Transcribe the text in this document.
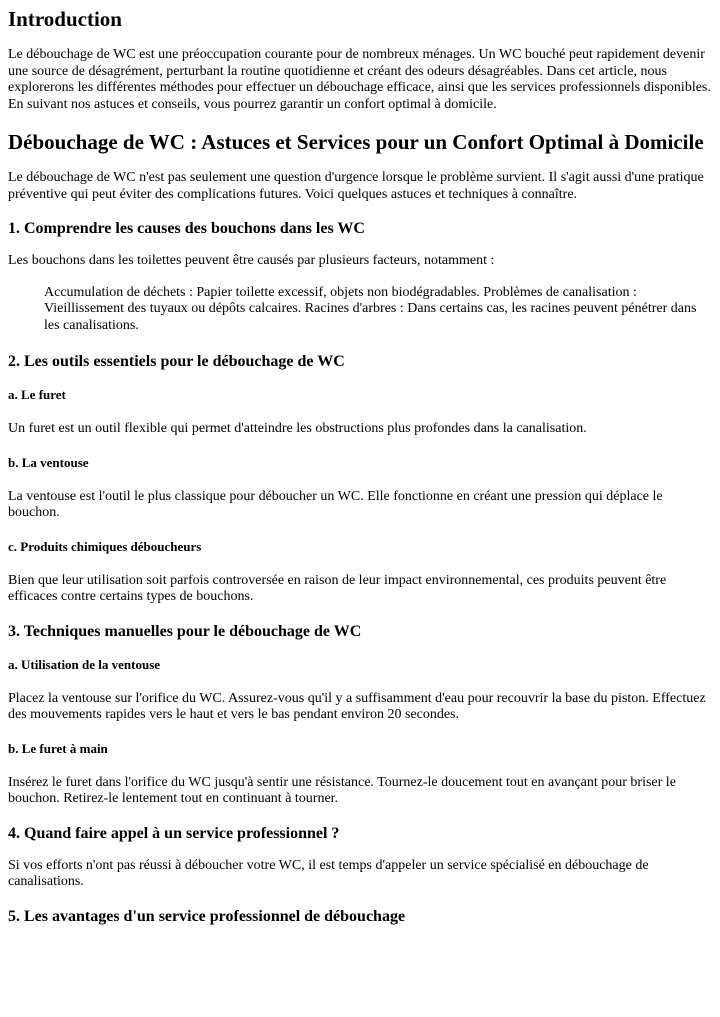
Introduction

Le débouchage de WC est une préoccupation courante pour de nombreux ménages. Un WC bouché peut rapidement devenir une source de désagrément, perturbant la routine quotidienne et créant des odeurs désagréables. Dans cet article, nous explorerons les différentes méthodes pour effectuer un débouchage efficace, ainsi que les services professionnels disponibles. En suivant nos astuces et conseils, vous pourrez garantir un confort optimal à domicile.

Débouchage de WC : Astuces et Services pour un Confort Optimal à Domicile

Le débouchage de WC n'est pas seulement une question d'urgence lorsque le problème survient. Il s'agit aussi d'une pratique préventive qui peut éviter des complications futures. Voici quelques astuces et techniques à connaître.

1. Comprendre les causes des bouchons dans les WC

Les bouchons dans les toilettes peuvent être causés par plusieurs facteurs, notamment :

Accumulation de déchets : Papier toilette excessif, objets non biodégradables. Problèmes de canalisation : Vieillissement des tuyaux ou dépôts calcaires. Racines d'arbres : Dans certains cas, les racines peuvent pénétrer dans les canalisations.
2. Les outils essentiels pour le débouchage de WC
a. Le furet

Un furet est un outil flexible qui permet d'atteindre les obstructions plus profondes dans la canalisation.

b. La ventouse

La ventouse est l'outil le plus classique pour déboucher un WC. Elle fonctionne en créant une pression qui déplace le bouchon.

c. Produits chimiques déboucheurs

Bien que leur utilisation soit parfois controversée en raison de leur impact environnemental, ces produits peuvent être efficaces contre certains types de bouchons.

3. Techniques manuelles pour le débouchage de WC
a. Utilisation de la ventouse

Placez la ventouse sur l'orifice du WC. Assurez-vous qu'il y a suffisamment d'eau pour recouvrir la base du piston. Effectuez des mouvements rapides vers le haut et vers le bas pendant environ 20 secondes.

b. Le furet à main

Insérez le furet dans l'orifice du WC jusqu'à sentir une résistance. Tournez-le doucement tout en avançant pour briser le bouchon. Retirez-le lentement tout en continuant à tourner.

4. Quand faire appel à un service professionnel ?

Si vos efforts n'ont pas réussi à déboucher votre WC, il est temps d'appeler un service spécialisé en débouchage de canalisations.

5. Les avantages d'un service professionnel de débouchage
